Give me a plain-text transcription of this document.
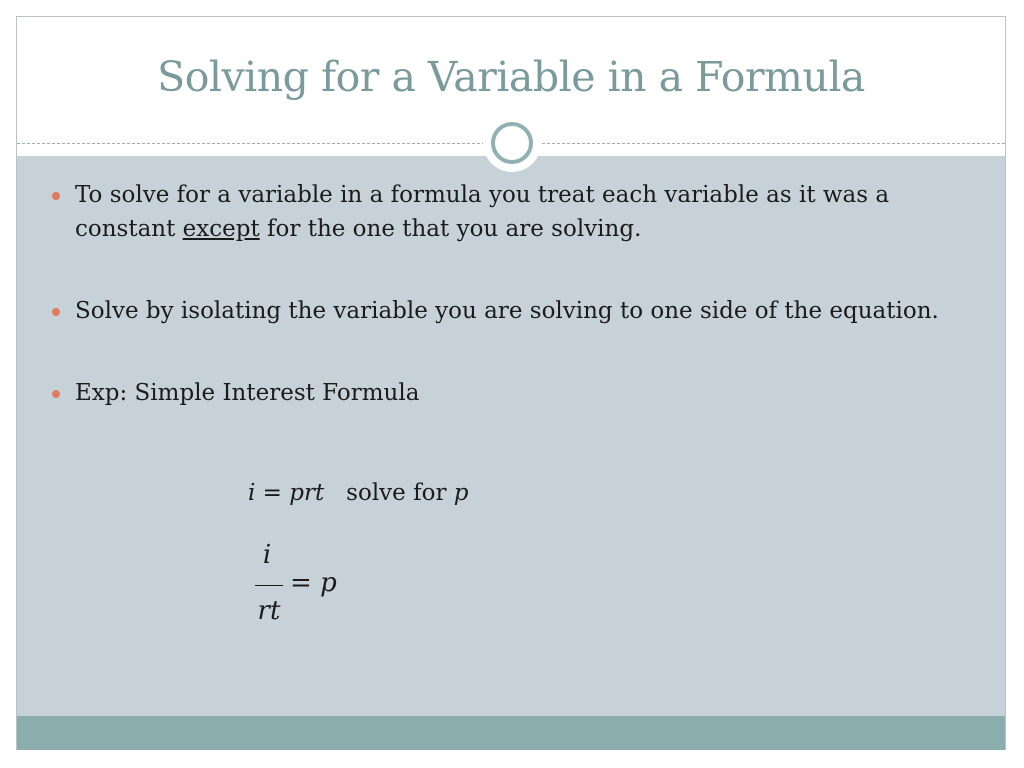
Solving for a Variable in a Formula
To solve for a variable in a formula you treat each variable as it was a constant except for the one that you are solving.
Solve by isolating the variable you are solving to one side of the equation.
Exp: Simple Interest Formula
i = prt   solve for p
i
rt
= p
